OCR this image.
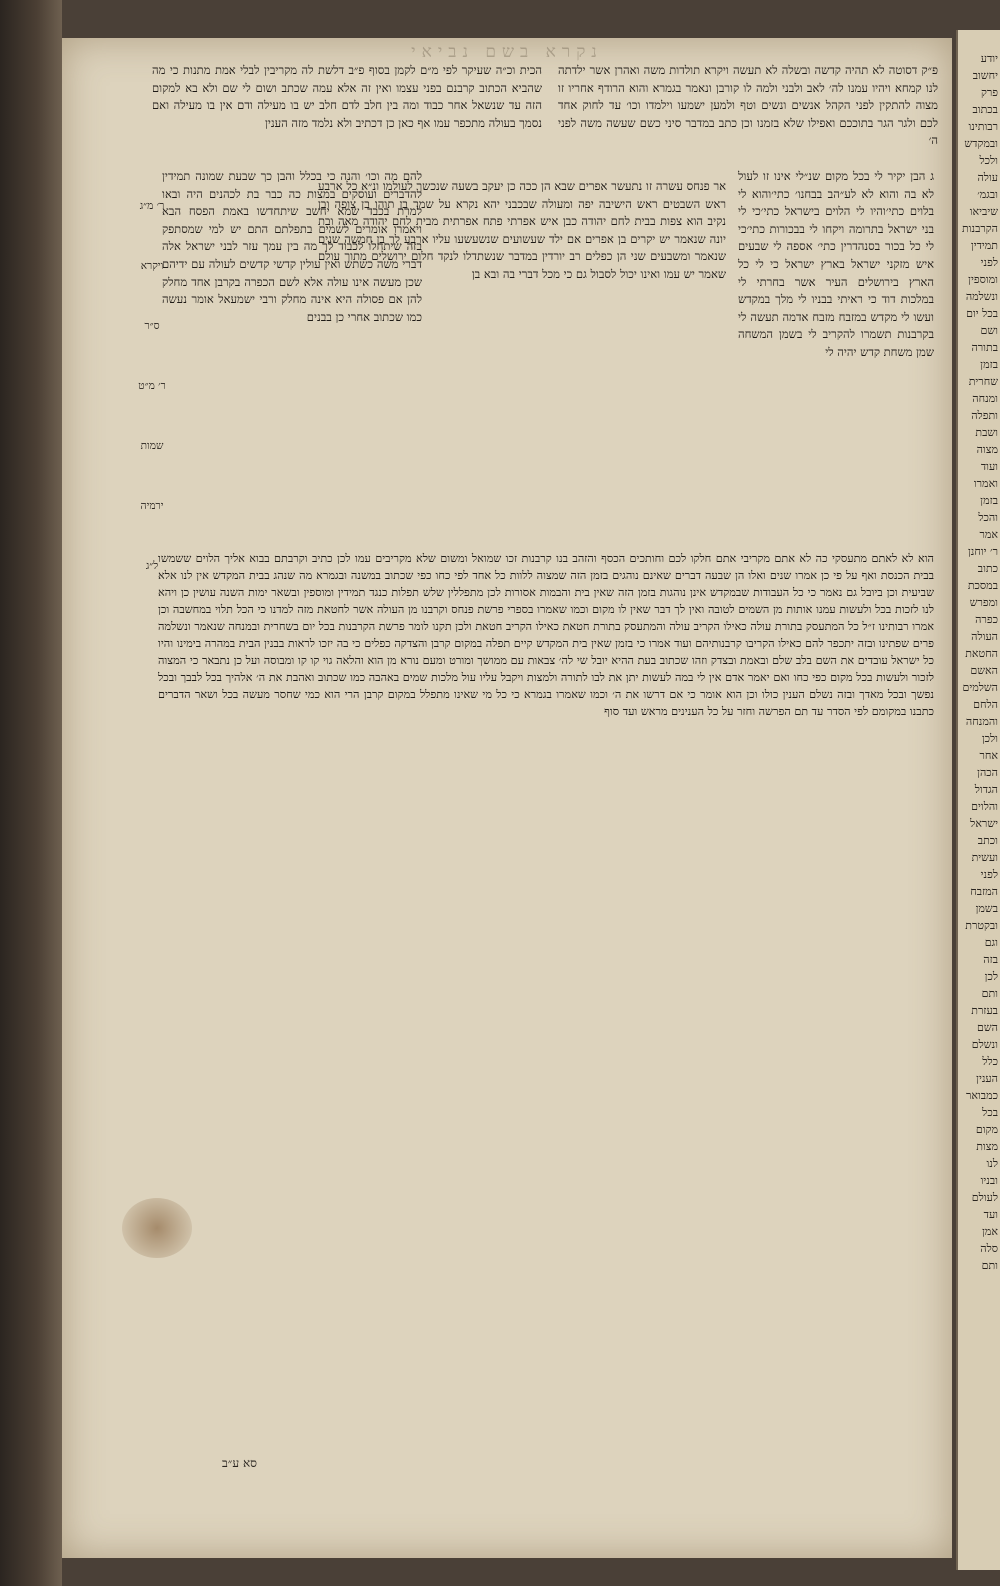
נקרא בשם נביאי

פ״ק דסוטה לא תהיה קדשה ובשלה לא תעשה ויקרא תולדות משה ואהרן אשר ילדתה לנו קמחא ויהיו עמנו לה׳ לאב ולבני ולמה לו קורבן ונאמר בגמרא והוא הרודף אחריו זו מצוה להתקין לפני הקהל אנשים ונשים וטף ולמען ישמעו וילמדו וכו׳ עד לחוק אחד לכם ולגר הגר בתוככם ואפילו שלא בזמנו וכן כתב במדבר סיני כשם שעשה משה לפני ה׳

הכית וכ״ה שעיקר לפי מ״ם לקמן בסוף פ״ב דלשת לה מקריבין לבלי אמת מתנות כי מה שהביא הכתוב קרבנם בפני עצמו ואין זה אלא עמה שכתב ושום לי שם ולא בא למקום הזה עד שנשאל אחר כבוד ומה בין חלב לדם חלב יש בו מעילה ודם אין בו מעילה ואם נסמך בעולה מתכפר עמו אף כאן כן דכתיב ולא נלמד מזה הענין

ג הבן יקיר לי בכל מקום שנ״לי אינו זו לעול לא בה והוא לא לע״הב בבחנו׳ כתי׳והוא לי בלוים כתי׳והיו לי הלוים בישראל כתי׳כי לי בני ישראל בתרומה ויקחו לי בבכורות כתי׳כי לי כל בכור בסנהדרין כתי׳ אספה לי שבעים איש מזקני ישראל בארץ ישראל כי לי כל הארץ בירושלים העיר אשר בחרתי לי במלכות דוד כי ראיתי בבניו לי מלך במקדש ועשו לי מקדש במזבח מזבח אדמה תעשה לי בקרבנות תשמרו להקריב לי בשמן המשחה שמן משחת קדש יהיה לי

אר פנחס עשרה זו נתעשר אפרים שבא הן ככה כן יעקב בשעה שנכשך לעולמו ונ״א כל ארבע ראש השבטים ראש הישיבה יפה ומעולה שבכבני יהא נקרא על שמך בן תוהו בן צופה ובן נקיב הוא צפות בבית לחם יהודה כבן איש אפרתי פתח אפרתית מבית לחם יהודה מאה ובת יונה שנאמר יש יקרים בן אפרים אם ילד שעשועים שנשעשעו עליו ארבע לך בן חמשה שנים שנאמר ומשבעים שני הן כפלים רב יורדין במדבר שנשתדלו לנקד חלום ירושלים מתוך עולם שאמר יש עמו ואינו יכול לסבול גם כי מכל דברי בה ובא בן

להם מה וכו׳ והנה כי בכלל והבן כך שבעת שמונה תמידין להדברים ועוסקים במצות כה כבר בת לכהנים היה ובאו למרת בכבד שמא יחשב שיתחדשו באמת הפסח הבא ויאמרו אומרים לשמים בתפלתם התם יש למי שמסתפק בזה שיתחלו לכבוד לך מה בין עמך עזר לבני ישראל אלה דברי משה כשתש ואין עולין קדשי קדשים לעולה עם ידיהם שכן מעשה אינו עולה אלא לשם הכפרה בקרבן אחד מחלק להן אם פסולה היא אינה מחלק ורבי ישמעאל אומר נעשה כמו שכתוב אחרי כן בבנים

הוא לא לאתם מתעסקי כה לא אתם מקריבי אתם חלקו לכם וחותכים הכסף והזהב בנו קרבנות זכו שמואל ומשום שלא מקריבים עמו לכן כתיב וקרבתם בבוא אליך הלוים ששמשו בבית הכנסת ואף על פי כן אמרו שנים ואלו הן שבעה דברים שאינם נוהגים בזמן הזה שמצוה ללוות כל אחד לפי כחו כפי שכתוב במשנה ובגמרא מה שנהג בבית המקדש אין לנו אלא שביעית וכן ביובל גם נאמר כי כל העבודות שבמקדש אינן נוהגות בזמן הזה שאין בית והבמות אסורות לכן מתפללין שלש תפלות כנגד תמידין ומוספין ובשאר ימות השנה עושין כן ויהא לנו לזכות בכל ולעשות עמנו אותות מן השמים לטובה ואין לך דבר שאין לו מקום וכמו שאמרו בספרי פרשת פנחס וקרבנו מן העולה אשר לחטאת מזה למדנו כי הכל תלוי במחשבה וכן אמרו רבותינו ז״ל כל המתעסק בתורת עולה כאילו הקריב עולה והמתעסק בתורת חטאת כאילו הקריב חטאת ולכן תקנו לומר פרשת הקרבנות בכל יום בשחרית ובמנחה שנאמר ונשלמה פרים שפתינו ובזה יתכפר להם כאילו הקריבו קרבנותיהם ועוד אמרו כי בזמן שאין בית המקדש קיים תפלה במקום קרבן והצדקה כפלים כי בה יזכו לראות בבנין הבית במהרה בימינו והיו כל ישראל עובדים את השם בלב שלם ובאמת ובצדק וזהו שכתוב בעת ההיא יובל שי לה׳ צבאות עם ממושך ומורט ומעם נורא מן הוא והלאה גוי קו קו ומבוסה ועל כן נתבאר כי המצוה לזכור ולעשות בכל מקום כפי כחו ואם יאמר אדם אין לי במה לעשות יתן את לבו לתורה ולמצות ויקבל עליו עול מלכות שמים באהבה כמו שכתוב ואהבת את ה׳ אלהיך בכל לבבך ובכל נפשך ובכל מאדך ובזה נשלם הענין כולו וכן הוא אומר כי אם דרשו את ה׳ וכמו שאמרו בגמרא כי כל מי שאינו מתפלל במקום קרבן הרי הוא כמי שחסר מעשה בכל ושאר הדברים כתבנו במקומם לפי הסדר עד תם הפרשה וחזר על כל הענינים מראש ועד סוף

ר׳ מ״ג
ויקרא
ס״ר
ר׳ מ״ט
שמות
ירמיה
ל״ג
סא ע״ב
יודע
יחשוב
פרק
בכתוב
רבותינו
ובמקדש
ולכל
עולה
ובגמ׳
שיביאו
הקרבנות
תמידין
לפני
ומוספין
ונשלמה
בכל יום
ושם
בתורה
בזמן
שחרית
ומנחה
ותפלה
ושבת
מצוה
ועוד
ואמרו
בזמן
והכל
אמר
ר׳ יוחנן
כתוב
במסכת
ומפרש
כפרה
העולה
החטאת
האשם
השלמים
הלחם
והמנחה
ולכן
אחר
הכהן
הגדול
והלוים
ישראל
וכתב
ועשית
לפני
המזבח
בשמן
ובקטרת
וגם
בזה
לכן
ותם
בעזרת
השם
ונשלם
כלל
הענין
כמבואר
בכל
מקום
מצות
לנו
ובניו
לעולם
ועד
אמן
סלה
ותם
